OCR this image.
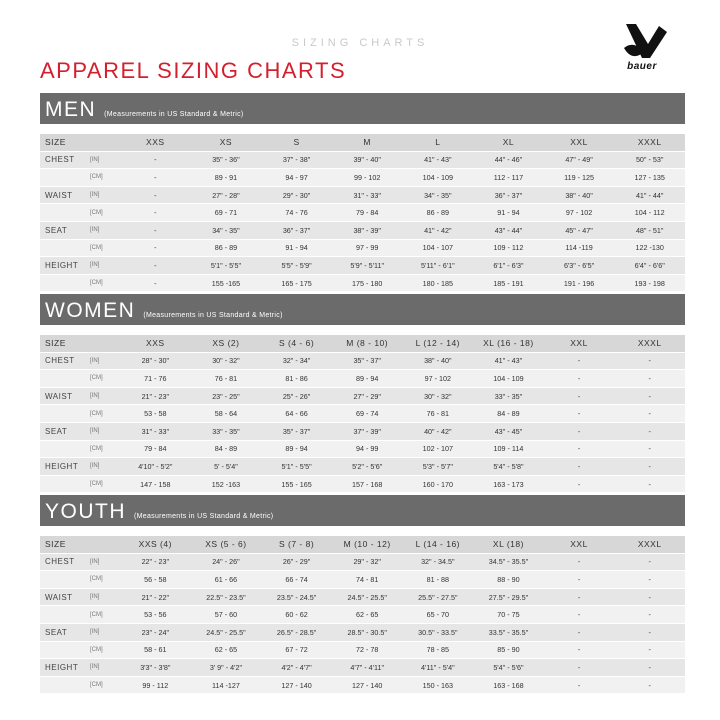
SIZING CHARTS
APPAREL SIZING CHARTS	bauer
MEN	(Measurements in US Standard & Metric)
SIZE		XXS	XS	S	M	L	XL	XXL	XXXL
CHEST	[IN]	-	35" - 36"	37" - 38"	39" - 40"	41" - 43"	44" - 46"	47" - 49"	50" - 53"
	[CM]	-	89 - 91	94 - 97	99 - 102	104 - 109	112 - 117	119 - 125	127 - 135
WAIST	[IN]	-	27" - 28"	29" - 30"	31" - 33"	34" - 35"	36" - 37"	38" - 40"	41" - 44"
	[CM]	-	69 - 71	74 - 76	79 - 84	86 - 89	91 - 94	97 - 102	104 - 112
SEAT	[IN]	-	34" - 35"	36" - 37"	38" - 39"	41" - 42"	43" - 44"	45" - 47"	48" - 51"
	[CM]	-	86 - 89	91 - 94	97 - 99	104 - 107	109 - 112	114 -119	122 -130
HEIGHT	[IN]	-	5'1" - 5'5"	5'5" - 5'9"	5'9" - 5'11"	5'11" - 6'1"	6'1" - 6'3"	6'3" - 6'5"	6'4" - 6'6"
	[CM]	-	155 -165	165 - 175	175 - 180	180 - 185	185 - 191	191 - 196	193 - 198
WOMEN	(Measurements in US Standard & Metric)
SIZE		XXS	XS (2)	S (4 - 6)	M (8 - 10)	L (12 - 14)	XL (16 - 18)	XXL	XXXL
CHEST	[IN]	28" - 30"	30" - 32"	32" - 34"	35" - 37"	38" - 40"	41" - 43"	-	-
	[CM]	71 - 76	76 - 81	81 - 86	89 - 94	97 - 102	104 - 109	-	-
WAIST	[IN]	21" - 23"	23" - 25"	25" - 26"	27" - 29"	30" - 32"	33" - 35"	-	-
	[CM]	53 - 58	58 - 64	64 - 66	69 - 74	76 - 81	84 - 89	-	-
SEAT	[IN]	31" - 33"	33" - 35"	35" - 37"	37" - 39"	40" - 42"	43" - 45"	-	-
	[CM]	79 - 84	84 - 89	89 - 94	94 - 99	102 - 107	109 - 114	-	-
HEIGHT	[IN]	4'10" - 5'2"	5' - 5'4"	5'1" - 5'5"	5'2" - 5'6"	5'3" - 5'7"	5'4" - 5'8"	-	-
	[CM]	147 - 158	152 -163	155 - 165	157 - 168	160 - 170	163 - 173	-	-
YOUTH	(Measurements in US Standard & Metric)
SIZE		XXS (4)	XS (5 - 6)	S (7 - 8)	M (10 - 12)	L (14 - 16)	XL (18)	XXL	XXXL
CHEST	[IN]	22" - 23"	24" - 26"	26" - 29"	29" - 32"	32" - 34.5"	34.5" - 35.5"	-	-
	[CM]	56 - 58	61 - 66	66 - 74	74 - 81	81 - 88	88 - 90	-	-
WAIST	[IN]	21" - 22"	22.5" - 23.5"	23.5" - 24.5"	24.5" - 25.5"	25.5" - 27.5"	27.5" - 29.5"	-	-
	[CM]	53 - 56	57 - 60	60 - 62	62 - 65	65 - 70	70 - 75	-	-
SEAT	[IN]	23" - 24"	24.5" - 25.5"	26.5" - 28.5"	28.5" - 30.5"	30.5" - 33.5"	33.5" - 35.5"	-	-
	[CM]	58 - 61	62 - 65	67 - 72	72 - 78	78 - 85	85 - 90	-	-
HEIGHT	[IN]	3'3" - 3'8"	3' 9" - 4'2"	4'2" - 4'7"	4'7" - 4'11"	4'11" - 5'4"	5'4" - 5'6"	-	-
	[CM]	99 - 112	114 -127	127 - 140	127 - 140	150 - 163	163 - 168	-	-
